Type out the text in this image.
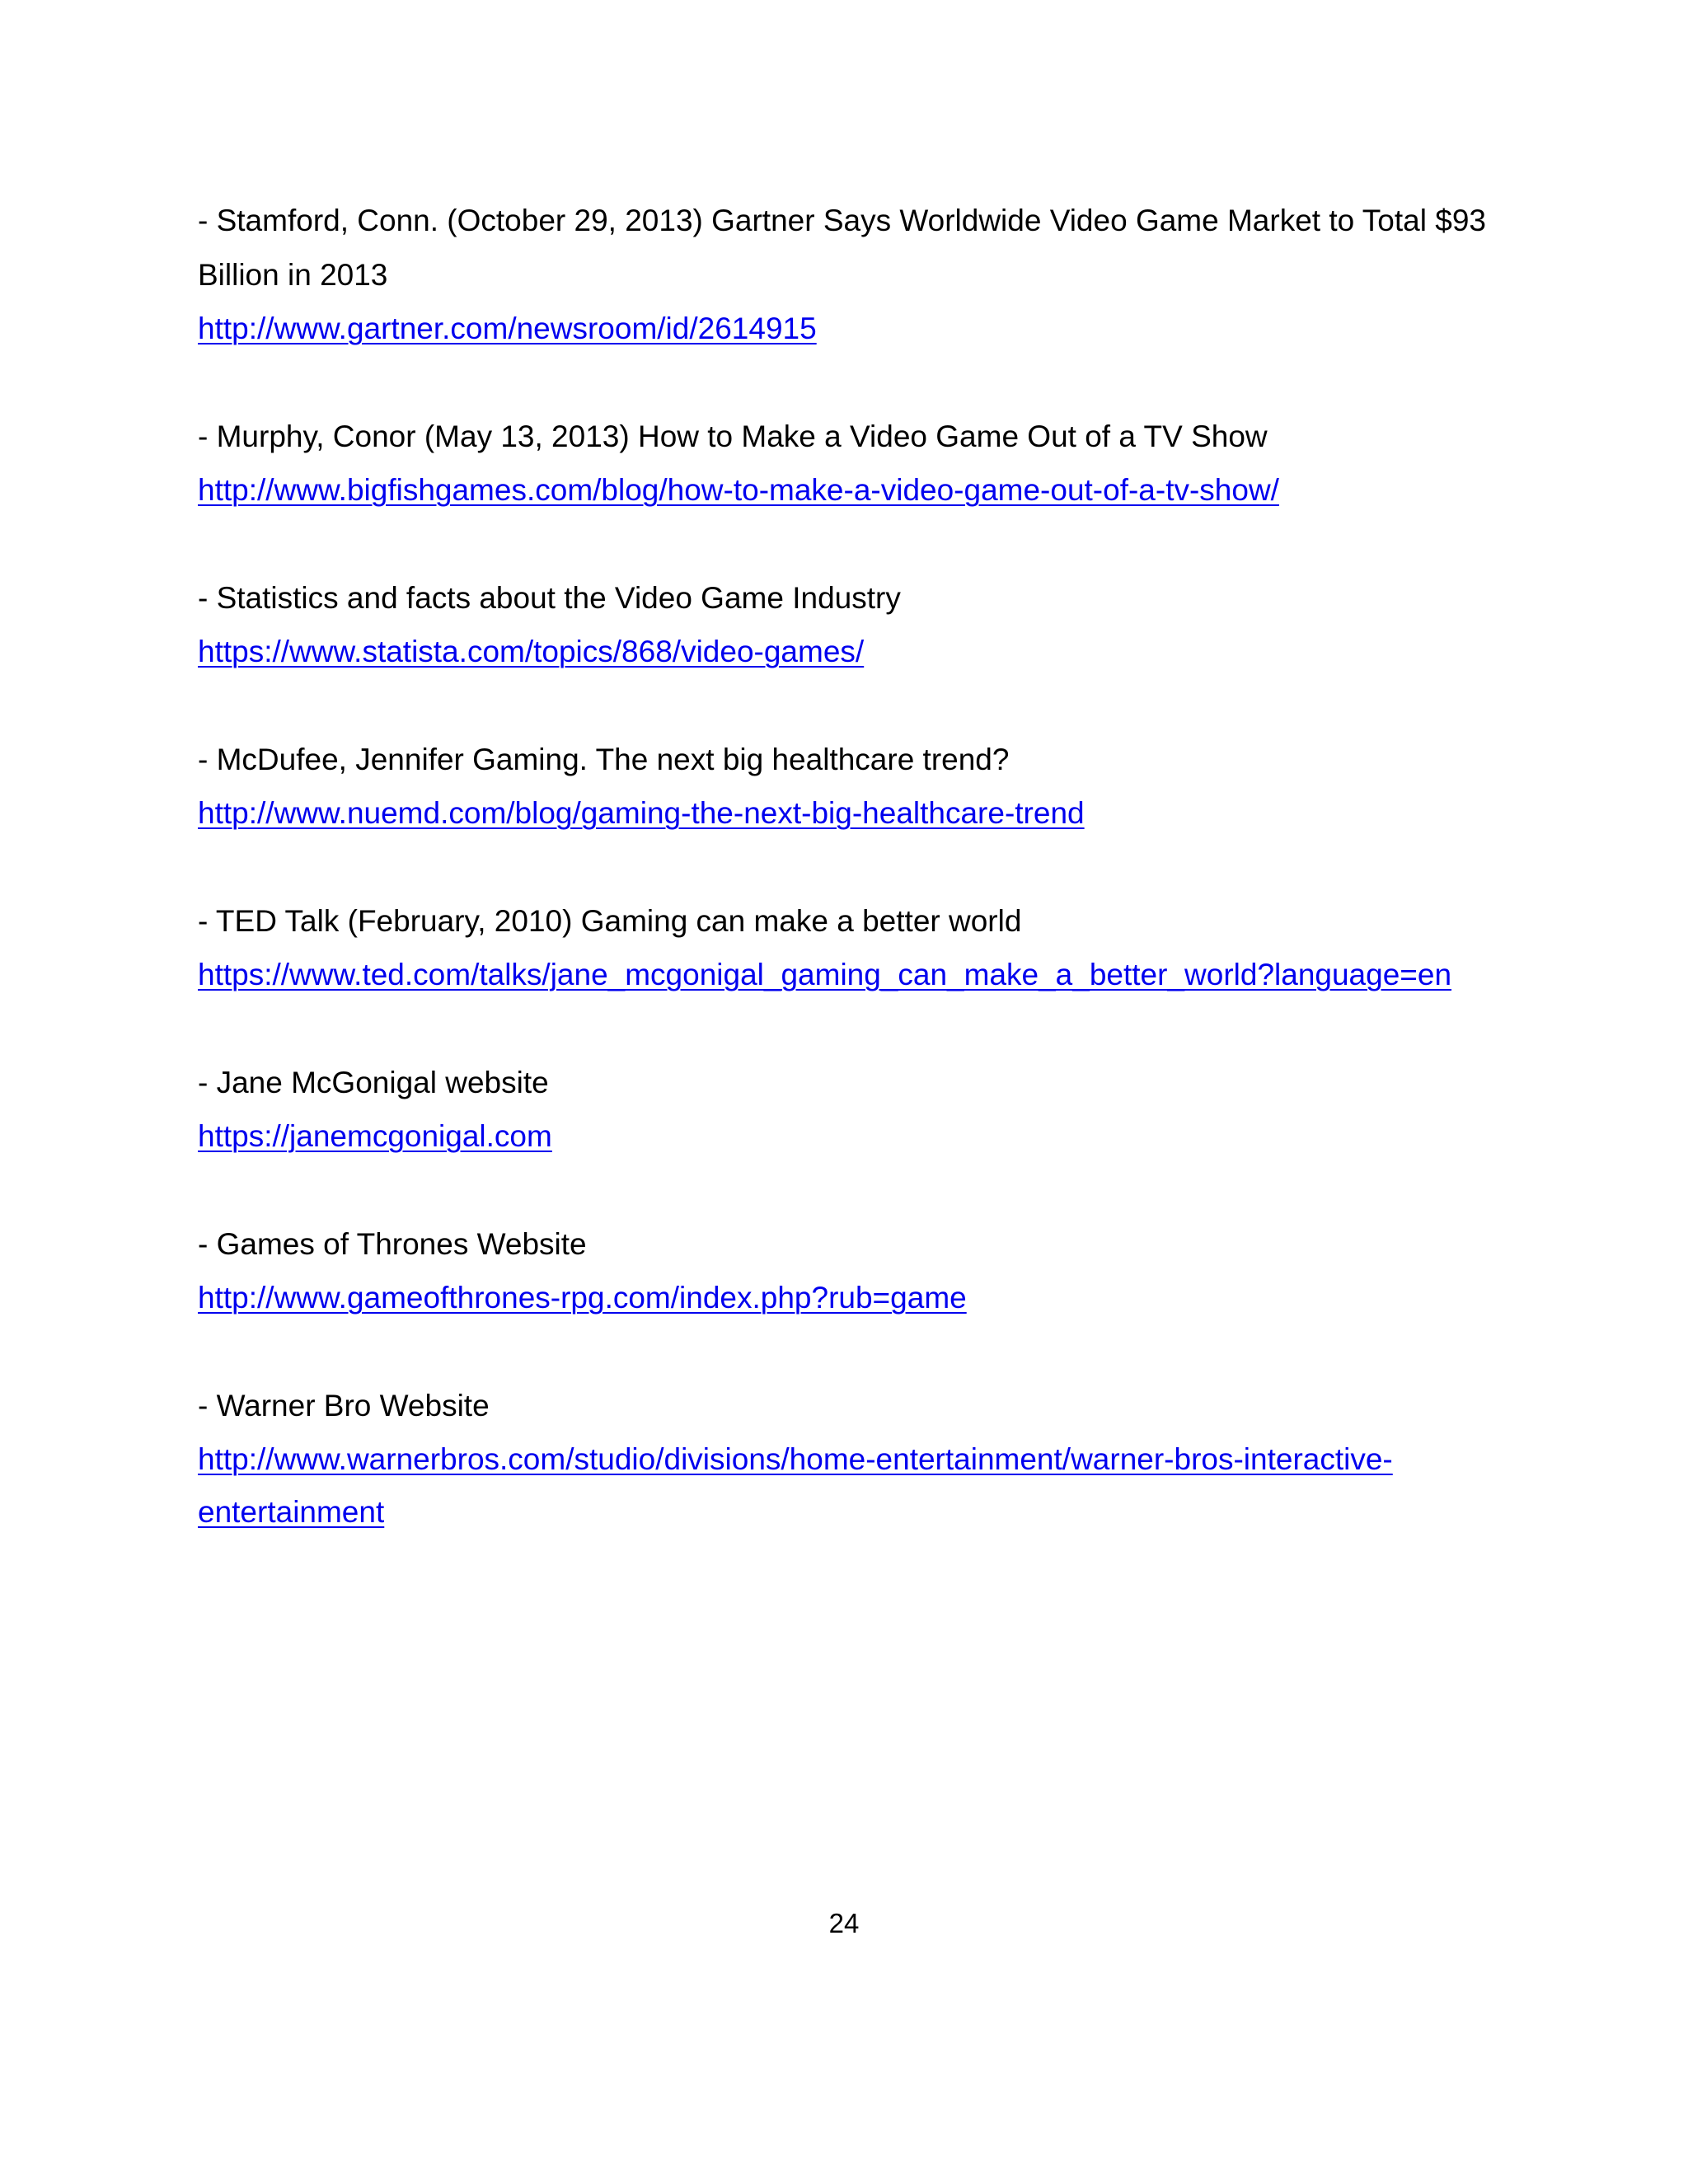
- Stamford, Conn. (October 29, 2013) Gartner Says Worldwide Video Game Market to Total $93 Billion in 2013

http://www.gartner.com/newsroom/id/2614915

- Murphy, Conor (May 13, 2013) How to Make a Video Game Out of a TV Show

http://www.bigfishgames.com/blog/how-to-make-a-video-game-out-of-a-tv-show/

- Statistics and facts about the Video Game Industry

https://www.statista.com/topics/868/video-games/

- McDufee, Jennifer Gaming. The next big healthcare trend?

http://www.nuemd.com/blog/gaming-the-next-big-healthcare-trend

- TED Talk (February, 2010) Gaming can make a better world

https://www.ted.com/talks/jane_mcgonigal_gaming_can_make_a_better_world?language=en

- Jane McGonigal website

https://janemcgonigal.com

- Games of Thrones Website

http://www.gameofthrones-rpg.com/index.php?rub=game

- Warner Bro Website

http://www.warnerbros.com/studio/divisions/home-entertainment/warner-bros-interactive-entertainment
24
